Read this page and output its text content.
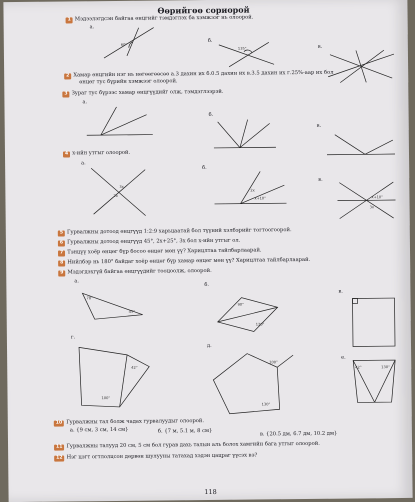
Өөрийгөө сориорой
1 Мэдээлэгдсэн байгаа өнцгийг тэмдэглэх ба хэмжээг нь олоорой.
а.
б.
в.
60°
135°
2 Хамар өнцгийн нэг нь нөгөөгөөсөө а.3 дахин их б.0.5 дахин их в.3.5 дахин их г.25%-аар их бол
өнцөг тус бүрийн хэмжээг олоорой.
3 Зураг тус бүрээс хамар өнцгүүдийг олж, тэмдэглээрэй.
а.
б.
в.
4 x-ийн утгыг олоорой.
а.
б.
в.
3x
2x
2x
x+10°	x+10°
3x
5 Гурвалжны дотоод өнцгүүд 1:2:9 харьцаатай бол түүний хэлбэрийг тогтоогоорой.
6 Гурвалжны дотоод өнцгүүд 45°, 2x+25°, 3x бол x-ийн утгыг ол.
7 Тэнцүү хоёр өнцөг бүр босоо өнцөг мөн үү? Харицлтаа тайлбарлаарай.
8 Нийлбэр нь 180° байдаг хоёр өнцөг бүр хамар өнцөг мөн үү? Харицлтаа тайлбарлаарай.
9 Мэдэгдэхгүй байгаа өнцгүүдийг тооцоолж, олоорой.
а.
б.
в.
г.
д.
е.
78°
45°
90°
120°
42°	130°
42°
100°
100°
130°
10 Гурвалжны тал болж чадах гурвалуудыг олоорой.
а. {9 см, 3 см, 14 см}	б. {7 м, 5.1 м, 8 см}	в. {20.5 дм, 6.7 дм, 10.2 дм}
11 Гурвалжны талууд 20 см, 5 см бол гурав дахь талын аль болох хамгийн бага утгыг олоорой.
12 Нэг цэгт огтлолцсон дөрвөн шулууны татахад хэдэн цацраг үүсэх вэ?
118
